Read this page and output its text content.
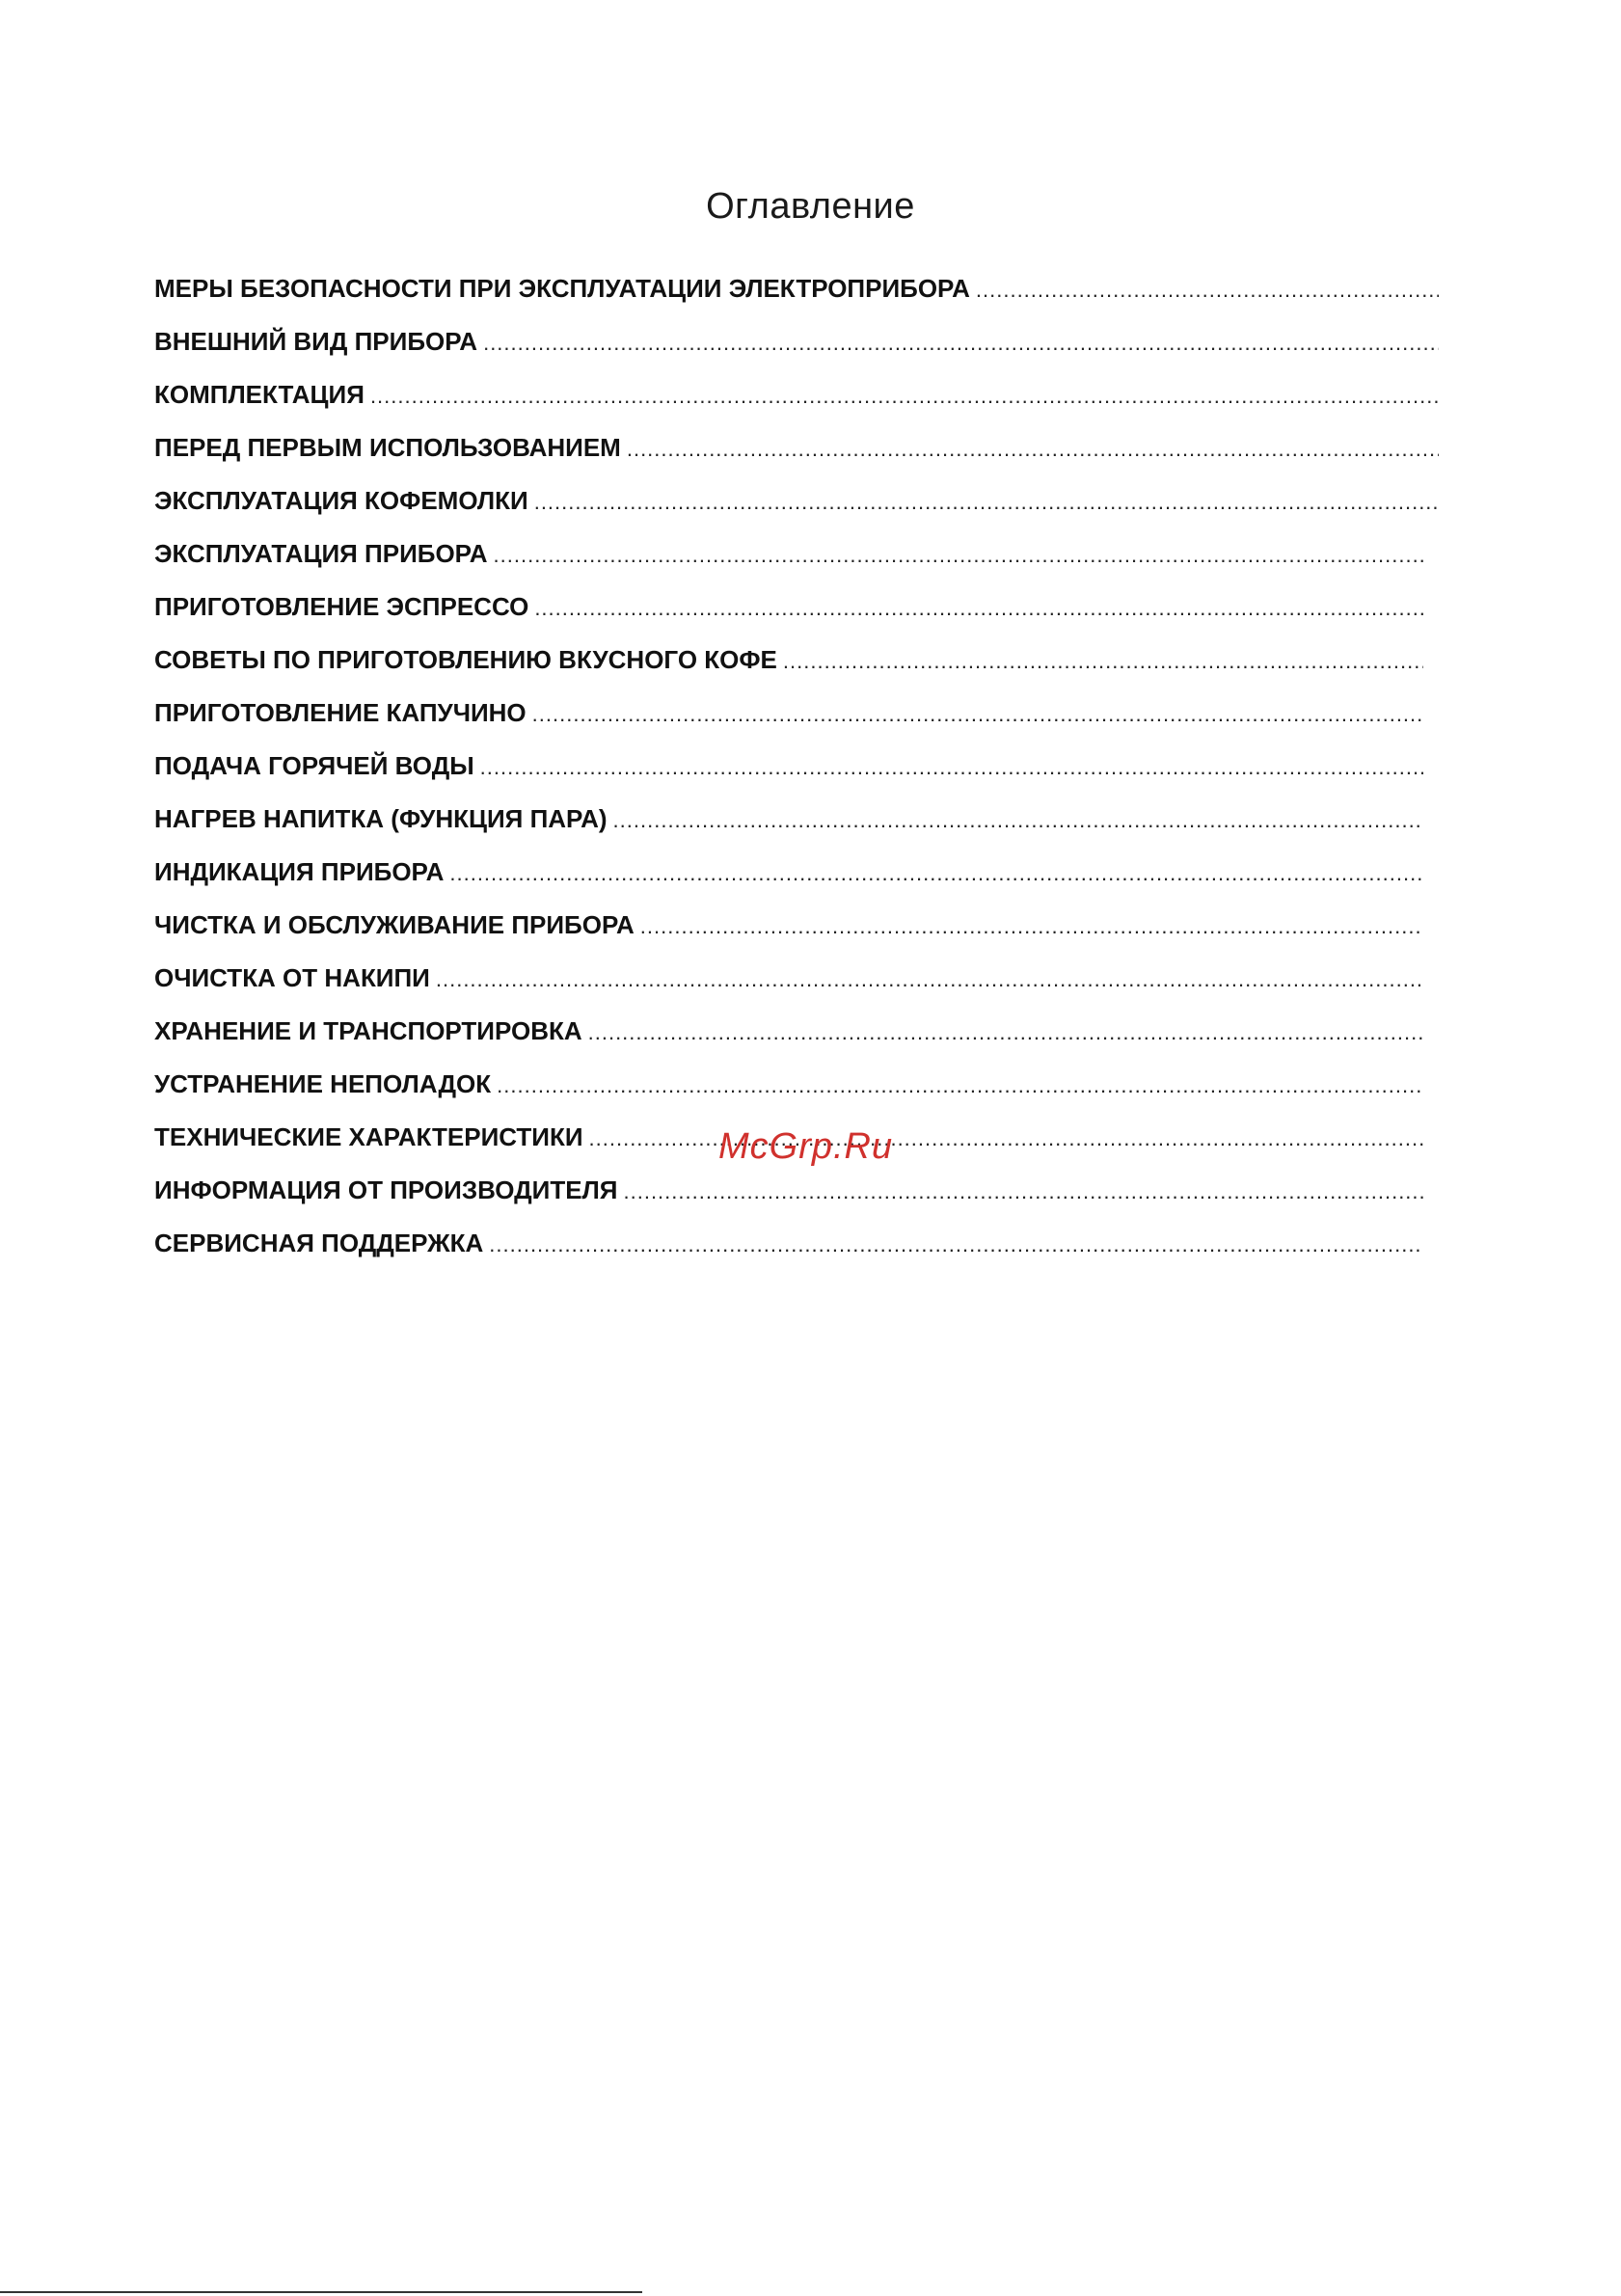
Оглавление
МЕРЫ БЕЗОПАСНОСТИ ПРИ ЭКСПЛУАТАЦИИ ЭЛЕКТРОПРИБОРА
.....
ВНЕШНИЙ ВИД ПРИБОРА
.....
КОМПЛЕКТАЦИЯ
.....
ПЕРЕД ПЕРВЫМ ИСПОЛЬЗОВАНИЕМ
.....
ЭКСПЛУАТАЦИЯ КОФЕМОЛКИ
.....
ЭКСПЛУАТАЦИЯ ПРИБОРА
.....
ПРИГОТОВЛЕНИЕ ЭСПРЕССО
.....
СОВЕТЫ ПО ПРИГОТОВЛЕНИЮ ВКУСНОГО КОФЕ
.....
ПРИГОТОВЛЕНИЕ КАПУЧИНО
.....
ПОДАЧА ГОРЯЧЕЙ ВОДЫ
.....
НАГРЕВ НАПИТКА (ФУНКЦИЯ ПАРА)
.....
ИНДИКАЦИЯ ПРИБОРА
.....
ЧИСТКА И ОБСЛУЖИВАНИЕ ПРИБОРА
.....
ОЧИСТКА ОТ НАКИПИ
.....
ХРАНЕНИЕ И ТРАНСПОРТИРОВКА
.....
УСТРАНЕНИЕ НЕПОЛАДОК
.....
ТЕХНИЧЕСКИЕ ХАРАКТЕРИСТИКИ
.....
ИНФОРМАЦИЯ ОТ ПРОИЗВОДИТЕЛЯ
.....
СЕРВИСНАЯ ПОДДЕРЖКА
.....
McGrp.Ru
